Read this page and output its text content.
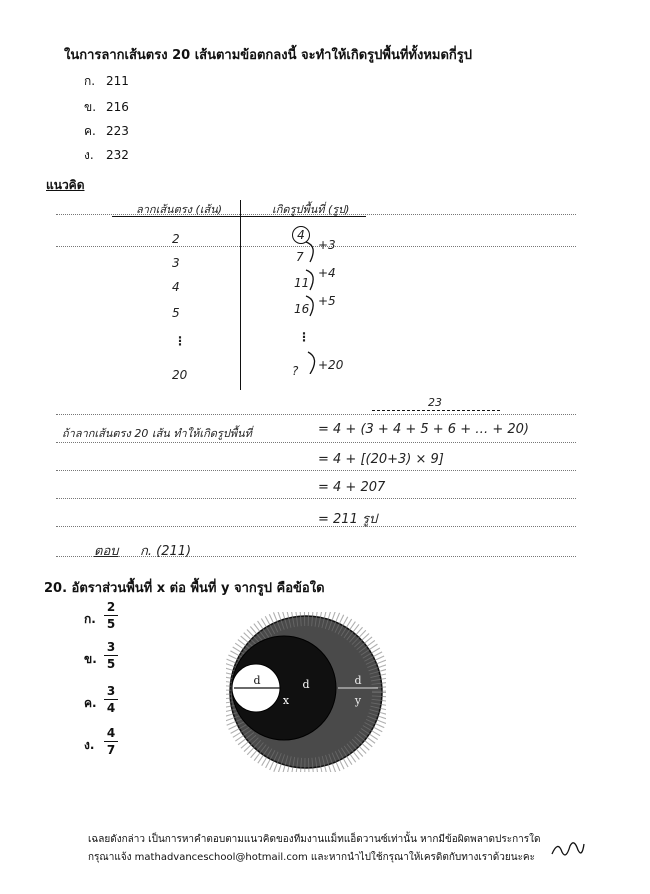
ในการลากเส้นตรง 20 เส้นตามข้อตกลงนี้ จะทำให้เกิดรูปพื้นที่ทั้งหมดกี่รูป
ก. 211
ข. 216
ค. 223
ง. 232
แนวคิด
ลากเส้นตรง (เส้น)	เกิดรูปพื้นที่ (รูป)
2
3
4
5
⋮
20
4
7
11
16
⋮
?
+3
+4
+5
+20
ถ้าลากเส้นตรง 20 เส้น ทำให้เกิดรูปพื้นที่
23
= 4 + (3 + 4 + 5 + 6 + … + 20)
= 4 + [(20+3) × 9]
= 4 + 207
= 211 รูป
ตอบ ก. (211)
20. อัตราส่วนพื้นที่ x ต่อ พื้นที่ y จากรูป คือข้อใด
ก. $\frac{2}{5}$
ข. $\frac{3}{5}$
ค. $\frac{3}{4}$
ง. $\frac{4}{7}$
d	d
x
d
y
เฉลยดังกล่าว เป็นการหาคำตอบตามแนวคิดของทีมงานแม็ทแอ็ดวานซ์เท่านั้น หากมีข้อผิดพลาดประการใด
กรุณาแจ้ง mathadvanceschool@hotmail.com และหากนำไปใช้กรุณาให้เครดิตกับทางเราด้วยนะคะ
